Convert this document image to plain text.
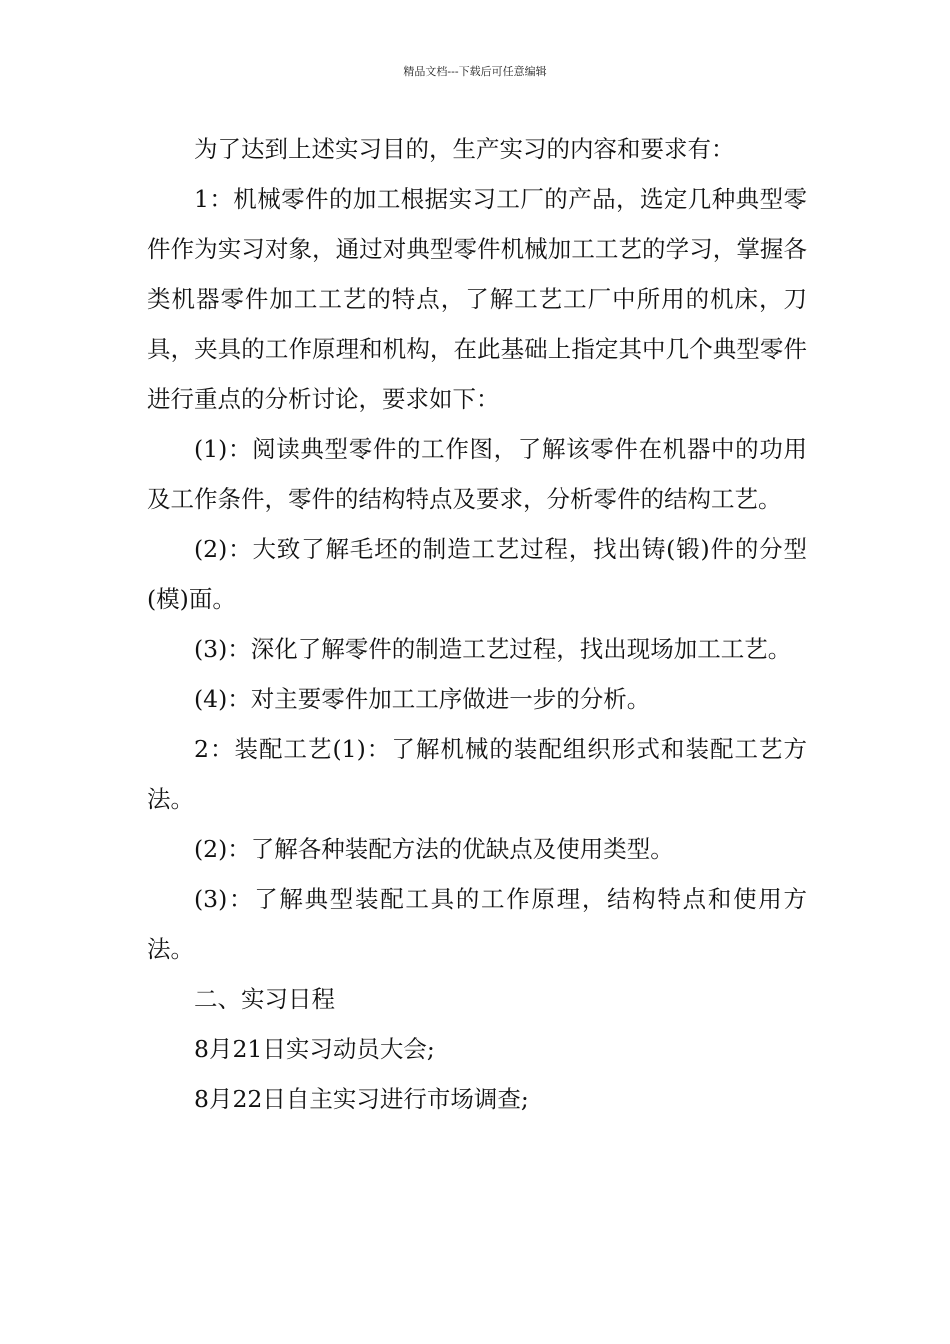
精品文档---下载后可任意编辑

为了达到上述实习目的，生产实习的内容和要求有：

1：机械零件的加工根据实习工厂的产品，选定几种典型零件作为实习对象，通过对典型零件机械加工工艺的学习，掌握各类机器零件加工工艺的特点，了解工艺工厂中所用的机床，刀具，夹具的工作原理和机构，在此基础上指定其中几个典型零件进行重点的分析讨论，要求如下：

(1)：阅读典型零件的工作图，了解该零件在机器中的功用及工作条件，零件的结构特点及要求，分析零件的结构工艺。

(2)：大致了解毛坯的制造工艺过程，找出铸(锻)件的分型(模)面。

(3)：深化了解零件的制造工艺过程，找出现场加工工艺。

(4)：对主要零件加工工序做进一步的分析。

2：装配工艺(1)：了解机械的装配组织形式和装配工艺方法。

(2)：了解各种装配方法的优缺点及使用类型。

(3)：了解典型装配工具的工作原理，结构特点和使用方法。

二、实习日程

8月21日实习动员大会;

8月22日自主实习进行市场调查;
